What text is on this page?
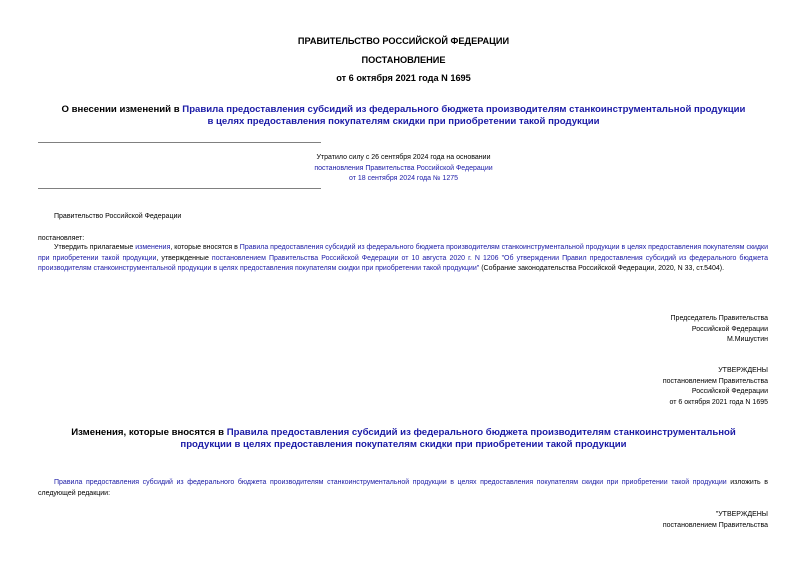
ПРАВИТЕЛЬСТВО РОССИЙСКОЙ ФЕДЕРАЦИИ
ПОСТАНОВЛЕНИЕ
от 6 октября 2021 года N 1695
О внесении изменений в Правила предоставления субсидий из федерального бюджета производителям станкоинструментальной продукции в целях предоставления покупателям скидки при приобретении такой продукции
Утратило силу с 26 сентября 2024 года на основании
постановления Правительства Российской Федерации
от 18 сентября 2024 года № 1275
Правительство Российской Федерации
постановляет:
Утвердить прилагаемые изменения, которые вносятся в Правила предоставления субсидий из федерального бюджета производителям станкоинструментальной продукции в целях предоставления покупателям скидки при приобретении такой продукции, утвержденные постановлением Правительства Российской Федерации от 10 августа 2020 г. N 1206 "Об утверждении Правил предоставления субсидий из федерального бюджета производителям станкоинструментальной продукции в целях предоставления покупателям скидки при приобретении такой продукции" (Собрание законодательства Российской Федерации, 2020, N 33, ст.5404).
Председатель Правительства
Российской Федерации
М.Мишустин
УТВЕРЖДЕНЫ
постановлением Правительства
Российской Федерации
от 6 октября 2021 года N 1695
Изменения, которые вносятся в Правила предоставления субсидий из федерального бюджета производителям станкоинструментальной продукции в целях предоставления покупателям скидки при приобретении такой продукции
Правила предоставления субсидий из федерального бюджета производителям станкоинструментальной продукции в целях предоставления покупателям скидки при приобретении такой продукции изложить в следующей редакции:
"УТВЕРЖДЕНЫ
постановлением Правительства
